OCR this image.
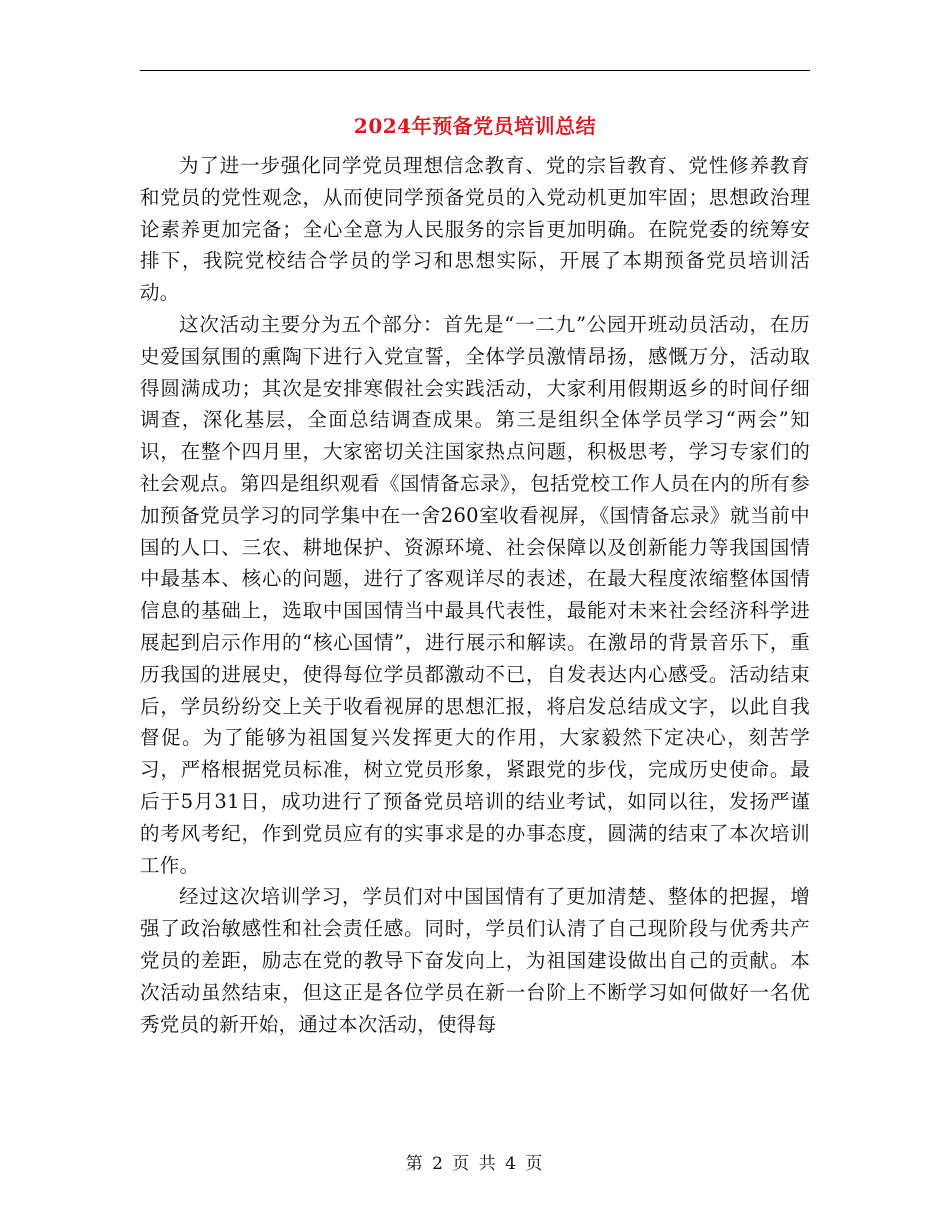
2024年预备党员培训总结

为了进一步强化同学党员理想信念教育、党的宗旨教育、党性修养教育和党员的党性观念，从而使同学预备党员的入党动机更加牢固；思想政治理论素养更加完备；全心全意为人民服务的宗旨更加明确。在院党委的统筹安排下，我院党校结合学员的学习和思想实际，开展了本期预备党员培训活动。

这次活动主要分为五个部分：首先是“一二九”公园开班动员活动，在历史爱国氛围的熏陶下进行入党宣誓，全体学员激情昂扬，感慨万分，活动取得圆满成功；其次是安排寒假社会实践活动，大家利用假期返乡的时间仔细调查，深化基层，全面总结调查成果。第三是组织全体学员学习“两会”知识，在整个四月里，大家密切关注国家热点问题，积极思考，学习专家们的社会观点。第四是组织观看《国情备忘录》，包括党校工作人员在内的所有参加预备党员学习的同学集中在一舍260室收看视屏，《国情备忘录》就当前中国的人口、三农、耕地保护、资源环境、社会保障以及创新能力等我国国情中最基本、核心的问题，进行了客观详尽的表述，在最大程度浓缩整体国情信息的基础上，选取中国国情当中最具代表性，最能对未来社会经济科学进展起到启示作用的“核心国情”，进行展示和解读。在激昂的背景音乐下，重历我国的进展史，使得每位学员都激动不已，自发表达内心感受。活动结束后，学员纷纷交上关于收看视屏的思想汇报，将启发总结成文字，以此自我督促。为了能够为祖国复兴发挥更大的作用，大家毅然下定决心，刻苦学习，严格根据党员标准，树立党员形象，紧跟党的步伐，完成历史使命。最后于5月31日，成功进行了预备党员培训的结业考试，如同以往，发扬严谨的考风考纪，作到党员应有的实事求是的办事态度，圆满的结束了本次培训工作。

经过这次培训学习，学员们对中国国情有了更加清楚、整体的把握，增强了政治敏感性和社会责任感。同时，学员们认清了自己现阶段与优秀共产党员的差距，励志在党的教导下奋发向上，为祖国建设做出自己的贡献。本次活动虽然结束，但这正是各位学员在新一台阶上不断学习如何做好一名优秀党员的新开始，通过本次活动，使得每

第 2 页 共 4 页
